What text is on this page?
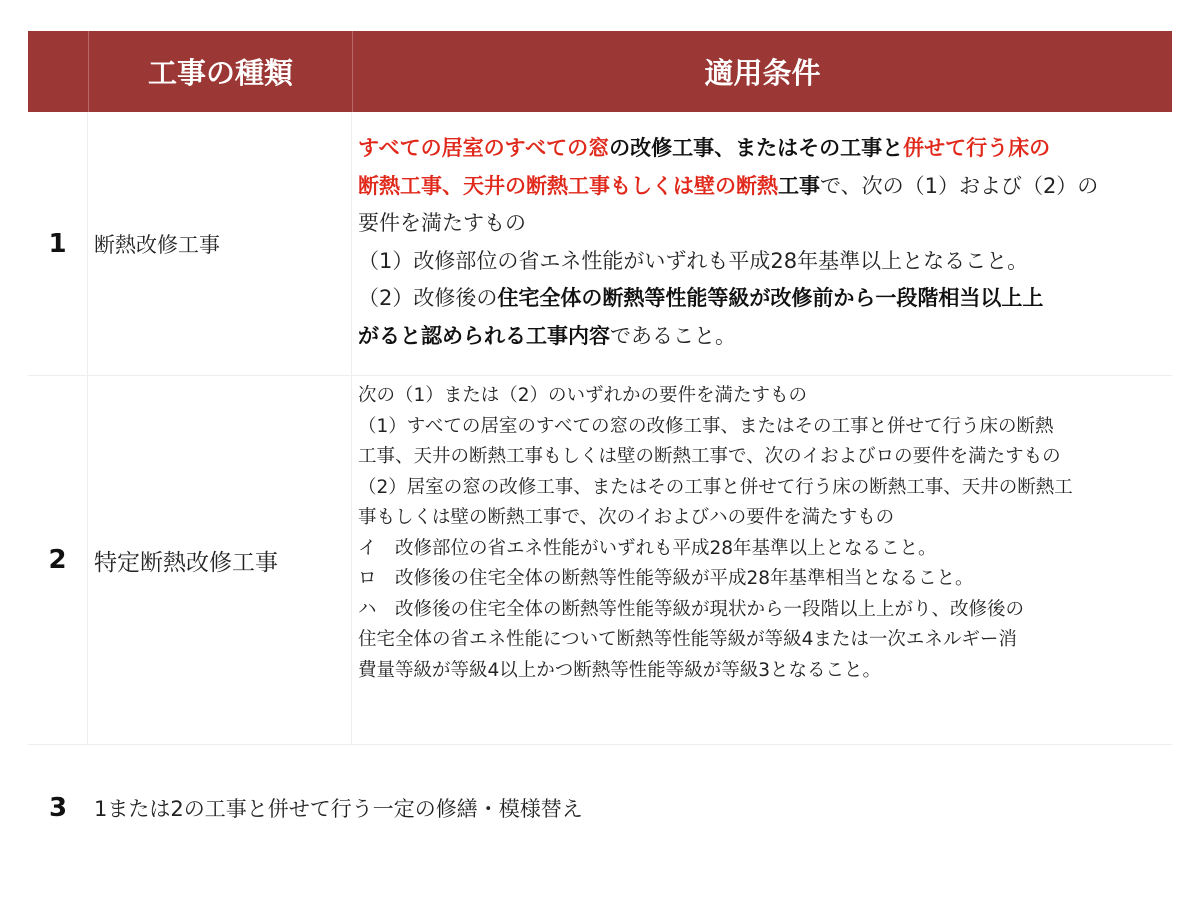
工事の種類	適用条件
1	断熱改修工事
すべての居室のすべての窓の改修工事、またはその工事と併せて行う床の
断熱工事、天井の断熱工事もしくは壁の断熱工事で、次の（1）および（2）の
要件を満たすもの
（1）改修部位の省エネ性能がいずれも平成28年基準以上となること。
（2）改修後の住宅全体の断熱等性能等級が改修前から一段階相当以上上
がると認められる工事内容であること。
2	特定断熱改修工事
次の（1）または（2）のいずれかの要件を満たすもの
（1）すべての居室のすべての窓の改修工事、またはその工事と併せて行う床の断熱
工事、天井の断熱工事もしくは壁の断熱工事で、次のイおよびロの要件を満たすもの
（2）居室の窓の改修工事、またはその工事と併せて行う床の断熱工事、天井の断熱工
事もしくは壁の断熱工事で、次のイおよびハの要件を満たすもの
イ　改修部位の省エネ性能がいずれも平成28年基準以上となること。
ロ　改修後の住宅全体の断熱等性能等級が平成28年基準相当となること。
ハ　改修後の住宅全体の断熱等性能等級が現状から一段階以上上がり、改修後の
住宅全体の省エネ性能について断熱等性能等級が等級4または一次エネルギー消
費量等級が等級4以上かつ断熱等性能等級が等級3となること。
3	1または2の工事と併せて行う一定の修繕・模様替え
